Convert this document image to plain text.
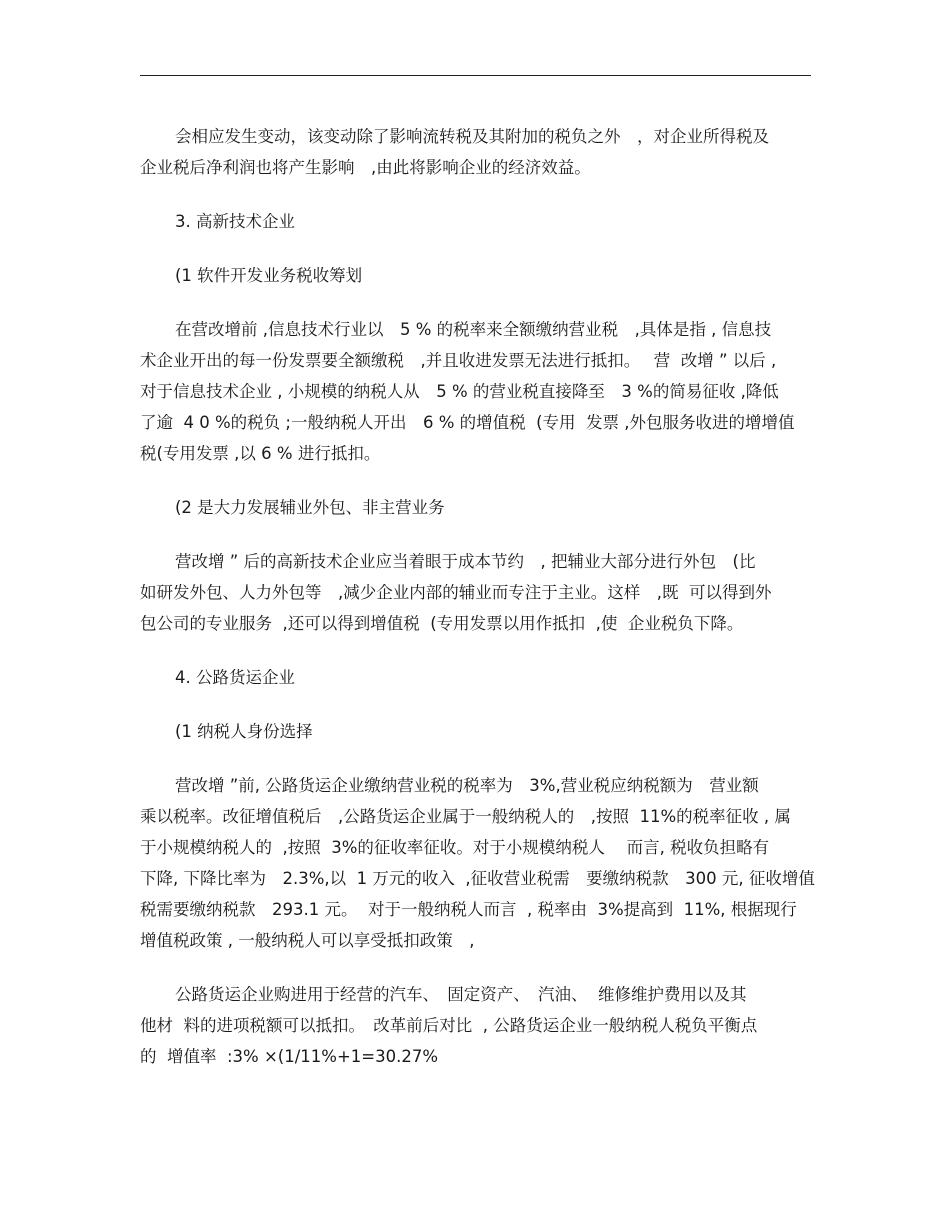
会相应发生变动，该变动除了影响流转税及其附加的税负之外　，对企业所得税及
企业税后净利润也将产生影响　,由此将影响企业的经济效益。
3. 高新技术企业
(1 软件开发业务税收筹划
在营改增前 ,信息技术行业以　5 % 的税率来全额缴纳营业税　,具体是指 , 信息技
术企业开出的每一份发票要全额缴税　,并且收进发票无法进行抵扣。　 营  改增 ” 以后 ,
对于信息技术企业 , 小规模的纳税人从　5 % 的营业税直接降至　3 %的简易征收 ,降低
了逾  4 0 %的税负 ;一般纳税人开出　6 % 的增值税  (专用  发票 ,外包服务收进的增增值
税(专用发票 ,以 6 % 进行抵扣。
(2 是大力发展辅业外包、非主营业务
营改增 ” 后的高新技术企业应当着眼于成本节约　, 把辅业大部分进行外包　(比
如研发外包、人力外包等　,减少企业内部的辅业而专注于主业。这样　,既  可以得到外
包公司的专业服务  ,还可以得到增值税  (专用发票以用作抵扣  ,使  企业税负下降。
4. 公路货运企业
(1 纳税人身份选择
营改增 ”前, 公路货运企业缴纳营业税的税率为　3%,营业税应纳税额为　营业额
乘以税率。改征增值税后　,公路货运企业属于一般纳税人的　,按照  11%的税率征收 , 属
于小规模纳税人的  ,按照  3%的征收率征收。对于小规模纳税人　 而言, 税收负担略有
下降, 下降比率为　2.3%,以  1 万元的收入  ,征收营业税需　要缴纳税款　300 元, 征收增值
税需要缴纳税款　293.1 元。  对于一般纳税人而言  , 税率由  3%提高到  11%, 根据现行
增值税政策 , 一般纳税人可以享受抵扣政策　,
公路货运企业购进用于经营的汽车、　固定资产、　汽油、  维修维护费用以及其
他材  料的进项税额可以抵扣。　改革前后对比  , 公路货运企业一般纳税人税负平衡点
的  增值率  :3% ×(1/11%+1=30.27%
